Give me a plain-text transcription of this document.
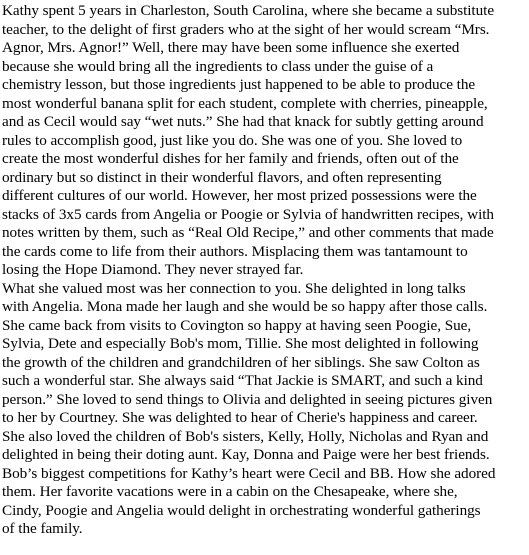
Kathy spent 5 years in Charleston, South Carolina, where she became a substitute
teacher, to the delight of first graders who at the sight of her would scream “Mrs.
Agnor, Mrs. Agnor!” Well, there may have been some influence she exerted
because she would bring all the ingredients to class under the guise of a
chemistry lesson, but those ingredients just happened to be able to produce the
most wonderful banana split for each student, complete with cherries, pineapple,
and as Cecil would say “wet nuts.” She had that knack for subtly getting around
rules to accomplish good, just like you do. She was one of you. She loved to
create the most wonderful dishes for her family and friends, often out of the
ordinary but so distinct in their wonderful flavors, and often representing
different cultures of our world. However, her most prized possessions were the
stacks of 3x5 cards from Angelia or Poogie or Sylvia of handwritten recipes, with
notes written by them, such as “Real Old Recipe,” and other comments that made
the cards come to life from their authors. Misplacing them was tantamount to
losing the Hope Diamond. They never strayed far.
What she valued most was her connection to you. She delighted in long talks
with Angelia. Mona made her laugh and she would be so happy after those calls.
She came back from visits to Covington so happy at having seen Poogie, Sue,
Sylvia, Dete and especially Bob's mom, Tillie. She most delighted in following
the growth of the children and grandchildren of her siblings. She saw Colton as
such a wonderful star. She always said “That Jackie is SMART, and such a kind
person.” She loved to send things to Olivia and delighted in seeing pictures given
to her by Courtney. She was delighted to hear of Cherie's happiness and career.
She also loved the children of Bob's sisters, Kelly, Holly, Nicholas and Ryan and
delighted in being their doting aunt. Kay, Donna and Paige were her best friends.
Bob’s biggest competitions for Kathy’s heart were Cecil and BB. How she adored
them. Her favorite vacations were in a cabin on the Chesapeake, where she,
Cindy, Poogie and Angelia would delight in orchestrating wonderful gatherings
of the family.
